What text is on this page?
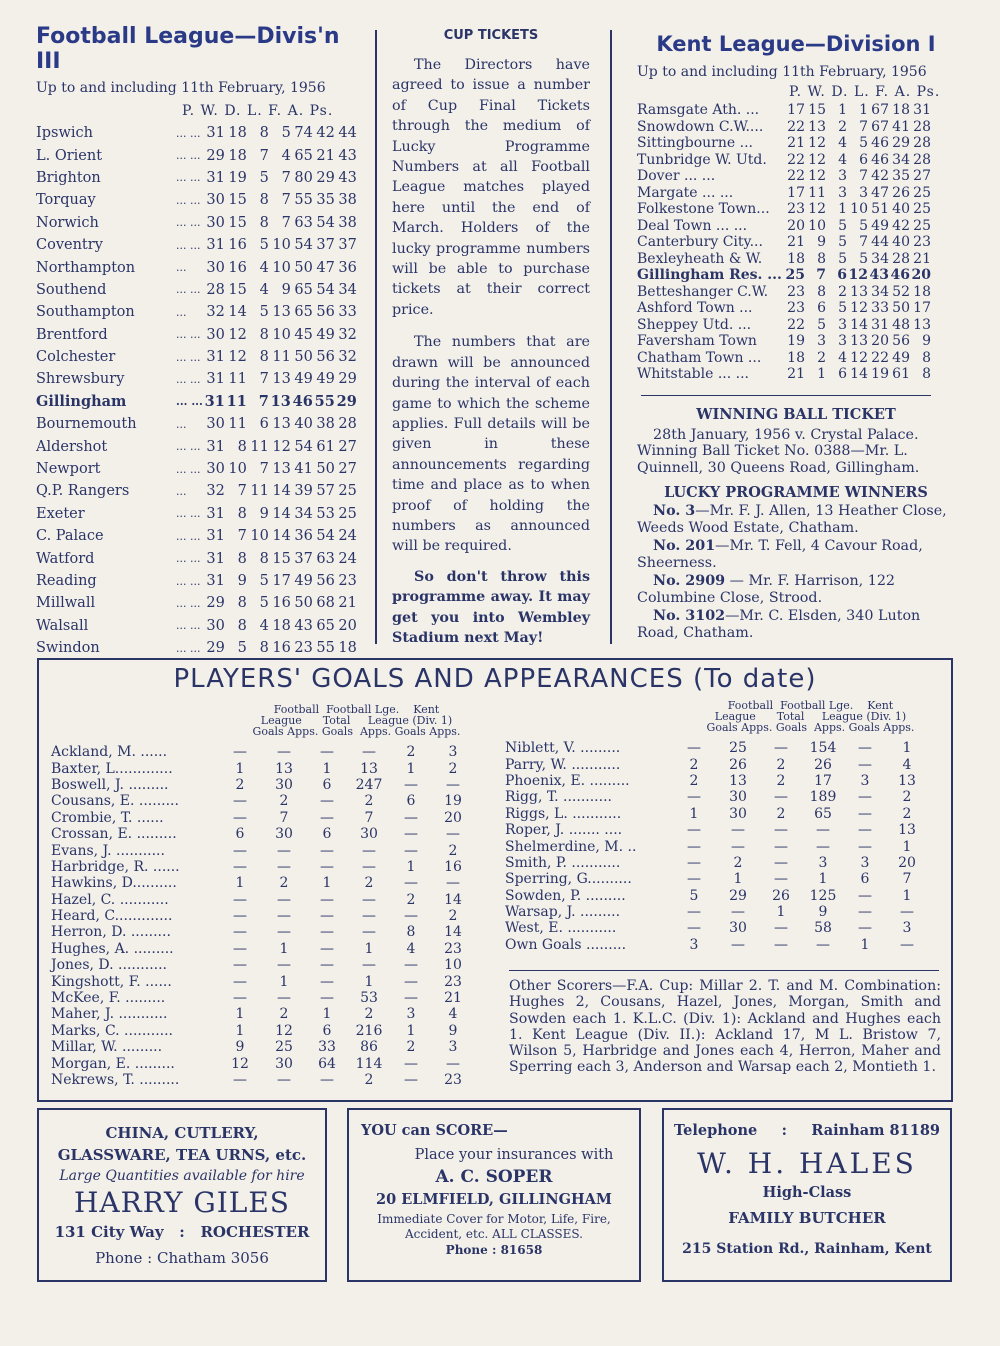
Football League—Divis'n III
Up to and including 11th February, 1956
P. W. D. L. F. A. Ps.
Ipswich	... ...	31	18	8	5	74	42	44
L. Orient	... ...	29	18	7	4	65	21	43
Brighton	... ...	31	19	5	7	80	29	43
Torquay	... ...	30	15	8	7	55	35	38
Norwich	... ...	30	15	8	7	63	54	38
Coventry	... ...	31	16	5	10	54	37	37
Northampton	...	30	16	4	10	50	47	36
Southend	... ...	28	15	4	9	65	54	34
Southampton	...	32	14	5	13	65	56	33
Brentford	... ...	30	12	8	10	45	49	32
Colchester	... ...	31	12	8	11	50	56	32
Shrewsbury	... ...	31	11	7	13	49	49	29
Gillingham	... ...	31	11	7	13	46	55	29
Bournemouth	...	30	11	6	13	40	38	28
Aldershot	... ...	31	8	11	12	54	61	27
Newport	... ...	30	10	7	13	41	50	27
Q.P. Rangers	...	32	7	11	14	39	57	25
Exeter	... ...	31	8	9	14	34	53	25
C. Palace	... ...	31	7	10	14	36	54	24
Watford	... ...	31	8	8	15	37	63	24
Reading	... ...	31	9	5	17	49	56	23
Millwall	... ...	29	8	5	16	50	68	21
Walsall	... ...	30	8	4	18	43	65	20
Swindon	... ...	29	5	8	16	23	55	18
CUP TICKETS

The Directors have agreed to issue a number of Cup Final Tickets through the medium of Lucky Programme Numbers at all Football League matches played here until the end of March. Holders of the lucky programme numbers will be able to purchase tickets at their correct price.

The numbers that are drawn will be announced during the interval of each game to which the scheme applies. Full details will be given in these announcements regarding time and place as to when proof of holding the numbers as announced will be required.

So don't throw this programme away. It may get you into Wembley Stadium next May!

Kent League—Division I
Up to and including 11th February, 1956
P. W. D. L. F. A. Ps.
Ramsgate Ath. ...	17	15	1	1	67	18	31
Snowdown C.W....	22	13	2	7	67	41	28
Sittingbourne ...	21	12	4	5	46	29	28
Tunbridge W. Utd.	22	12	4	6	46	34	28
Dover ... ...	22	12	3	7	42	35	27
Margate ... ...	17	11	3	3	47	26	25
Folkestone Town...	23	12	1	10	51	40	25
Deal Town ... ...	20	10	5	5	49	42	25
Canterbury City...	21	9	5	7	44	40	23
Bexleyheath & W.	18	8	5	5	34	28	21
Gillingham Res. ...	25	7	6	12	43	46	20
Betteshanger C.W.	23	8	2	13	34	52	18
Ashford Town ...	23	6	5	12	33	50	17
Sheppey Utd. ...	22	5	3	14	31	48	13
Faversham Town	19	3	3	13	20	56	9
Chatham Town ...	18	2	4	12	22	49	8
Whitstable ... ...	21	1	6	14	19	61	8
WINNING BALL TICKET

28th January, 1956 v. Crystal Palace. Winning Ball Ticket No. 0388—Mr. L. Quinnell, 30 Queens Road, Gillingham.

LUCKY PROGRAMME WINNERS

No. 3—Mr. F. J. Allen, 13 Heather Close, Weeds Wood Estate, Chatham.

No. 201—Mr. T. Fell, 4 Cavour Road, Sheerness.

No. 2909 — Mr. F. Harrison, 122 Columbine Close, Strood.

No. 3102—Mr. C. Elsden, 340 Luton Road, Chatham.

PLAYERS' GOALS AND APPEARANCES (To date)
Football  Football Lge.    Kent
League      Total     League (Div. 1)
Goals Apps. Goals  Apps. Goals Apps.
Football  Football Lge.    Kent
League      Total     League (Div. 1)
Goals Apps. Goals  Apps. Goals Apps.
Ackland, M. ......	—	—	—	—	2	3
Baxter, L.............	1	13	1	13	1	2
Boswell, J. .........	2	30	6	247	—	—
Cousans, E. .........	—	2	—	2	6	19
Crombie, T. ......	—	7	—	7	—	20
Crossan, E. .........	6	30	6	30	—	—
Evans, J. ...........	—	—	—	—	—	2
Harbridge, R. ......	—	—	—	—	1	16
Hawkins, D..........	1	2	1	2	—	—
Hazel, C. ...........	—	—	—	—	2	14
Heard, C.............	—	—	—	—	—	2
Herron, D. .........	—	—	—	—	8	14
Hughes, A. .........	—	1	—	1	4	23
Jones, D. ...........	—	—	—	—	—	10
Kingshott, F. ......	—	1	—	1	—	23
McKee, F. .........	—	—	—	53	—	21
Maher, J. ...........	1	2	1	2	3	4
Marks, C. ...........	1	12	6	216	1	9
Millar, W. .........	9	25	33	86	2	3
Morgan, E. .........	12	30	64	114	—	—
Nekrews, T. .........	—	—	—	2	—	23
Niblett, V. .........	—	25	—	154	—	1
Parry, W. ...........	2	26	2	26	—	4
Phoenix, E. .........	2	13	2	17	3	13
Rigg, T. ...........	—	30	—	189	—	2
Riggs, L. ...........	1	30	2	65	—	2
Roper, J. ....... ....	—	—	—	—	—	13
Shelmerdine, M. ..	—	—	—	—	—	1
Smith, P. ...........	—	2	—	3	3	20
Sperring, G..........	—	1	—	1	6	7
Sowden, P. .........	5	29	26	125	—	1
Warsap, J. .........	—	—	1	9	—	—
West, E. ...........	—	30	—	58	—	3
Own Goals .........	3	—	—	—	1	—
Other Scorers—F.A. Cup: Millar 2. T. and M. Combination: Hughes 2, Cousans, Hazel, Jones, Morgan, Smith and Sowden each 1. K.L.C. (Div. 1): Ackland and Hughes each 1. Kent League (Div. II.): Ackland 17, M L. Bristow 7, Wilson 5, Harbridge and Jones each 4, Herron, Maher and Sperring each 3, Anderson and Warsap each 2, Montieth 1.
CHINA, CUTLERY,
GLASSWARE, TEA URNS, etc.
Large Quantities available for hire
HARRY GILES
131 City Way   :   ROCHESTER
Phone : Chatham 3056
YOU can SCORE—
Place your insurances with
A. C. SOPER
20 ELMFIELD, GILLINGHAM
Immediate Cover for Motor, Life, Fire,
Accident, etc. ALL CLASSES.
Phone : 81658
Telephone : Rainham 81189
W. H. HALES
High-Class
FAMILY BUTCHER
215 Station Rd., Rainham, Kent
